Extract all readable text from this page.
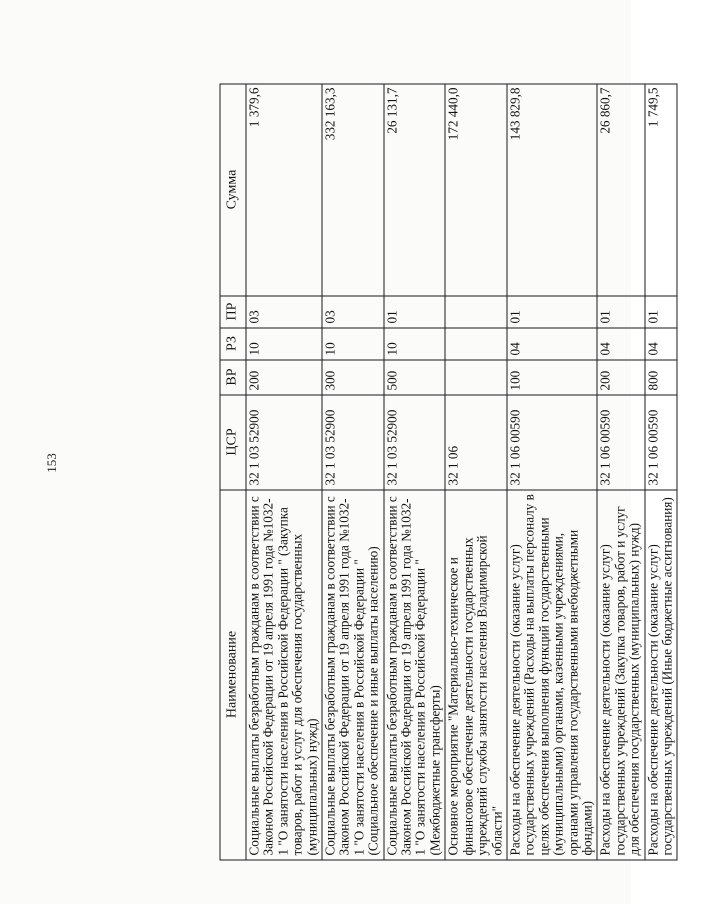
153
Наименование	ЦСР	ВР	РЗ	ПР	Сумма
Социальные выплаты безработным гражданам в соответствии с Законом Российской Федерации от 19 апреля 1991 года №1032-1 "О занятости населения в Российской Федерации " (Закупка товаров, работ и услуг для обеспечения государственных (муниципальных) нужд)	32 1 03 52900	200	10	03	1 379,6
Социальные выплаты безработным гражданам в соответствии с Законом Российской Федерации от 19 апреля 1991 года №1032-1 "О занятости населения в Российской Федерации " (Социальное обеспечение и иные выплаты населению)	32 1 03 52900	300	10	03	332 163,3
Социальные выплаты безработным гражданам в соответствии с Законом Российской Федерации от 19 апреля 1991 года №1032-1 "О занятости населения в Российской Федерации " (Межбюджетные трансферты)	32 1 03 52900	500	10	01	26 131,7
Основное мероприятие "Материально-техническое и финансовое обеспечение деятельности государственных учреждений службы занятости населения Владимирской области"	32 1 06				172 440,0
Расходы на обеспечение деятельности (оказание услуг) государственных учреждений (Расходы на выплаты персоналу в целях обеспечения выполнения функций государственными (муниципальными) органами, казенными учреждениями, органами управления государственными внебюджетными фондами)	32 1 06 00590	100	04	01	143 829,8
Расходы на обеспечение деятельности (оказание услуг) государственных учреждений (Закупка товаров, работ и услуг для обеспечения государственных (муниципальных) нужд)	32 1 06 00590	200	04	01	26 860,7
Расходы на обеспечение деятельности (оказание услуг) государственных учреждений (Иные бюджетные ассигнования)	32 1 06 00590	800	04	01	1 749,5
